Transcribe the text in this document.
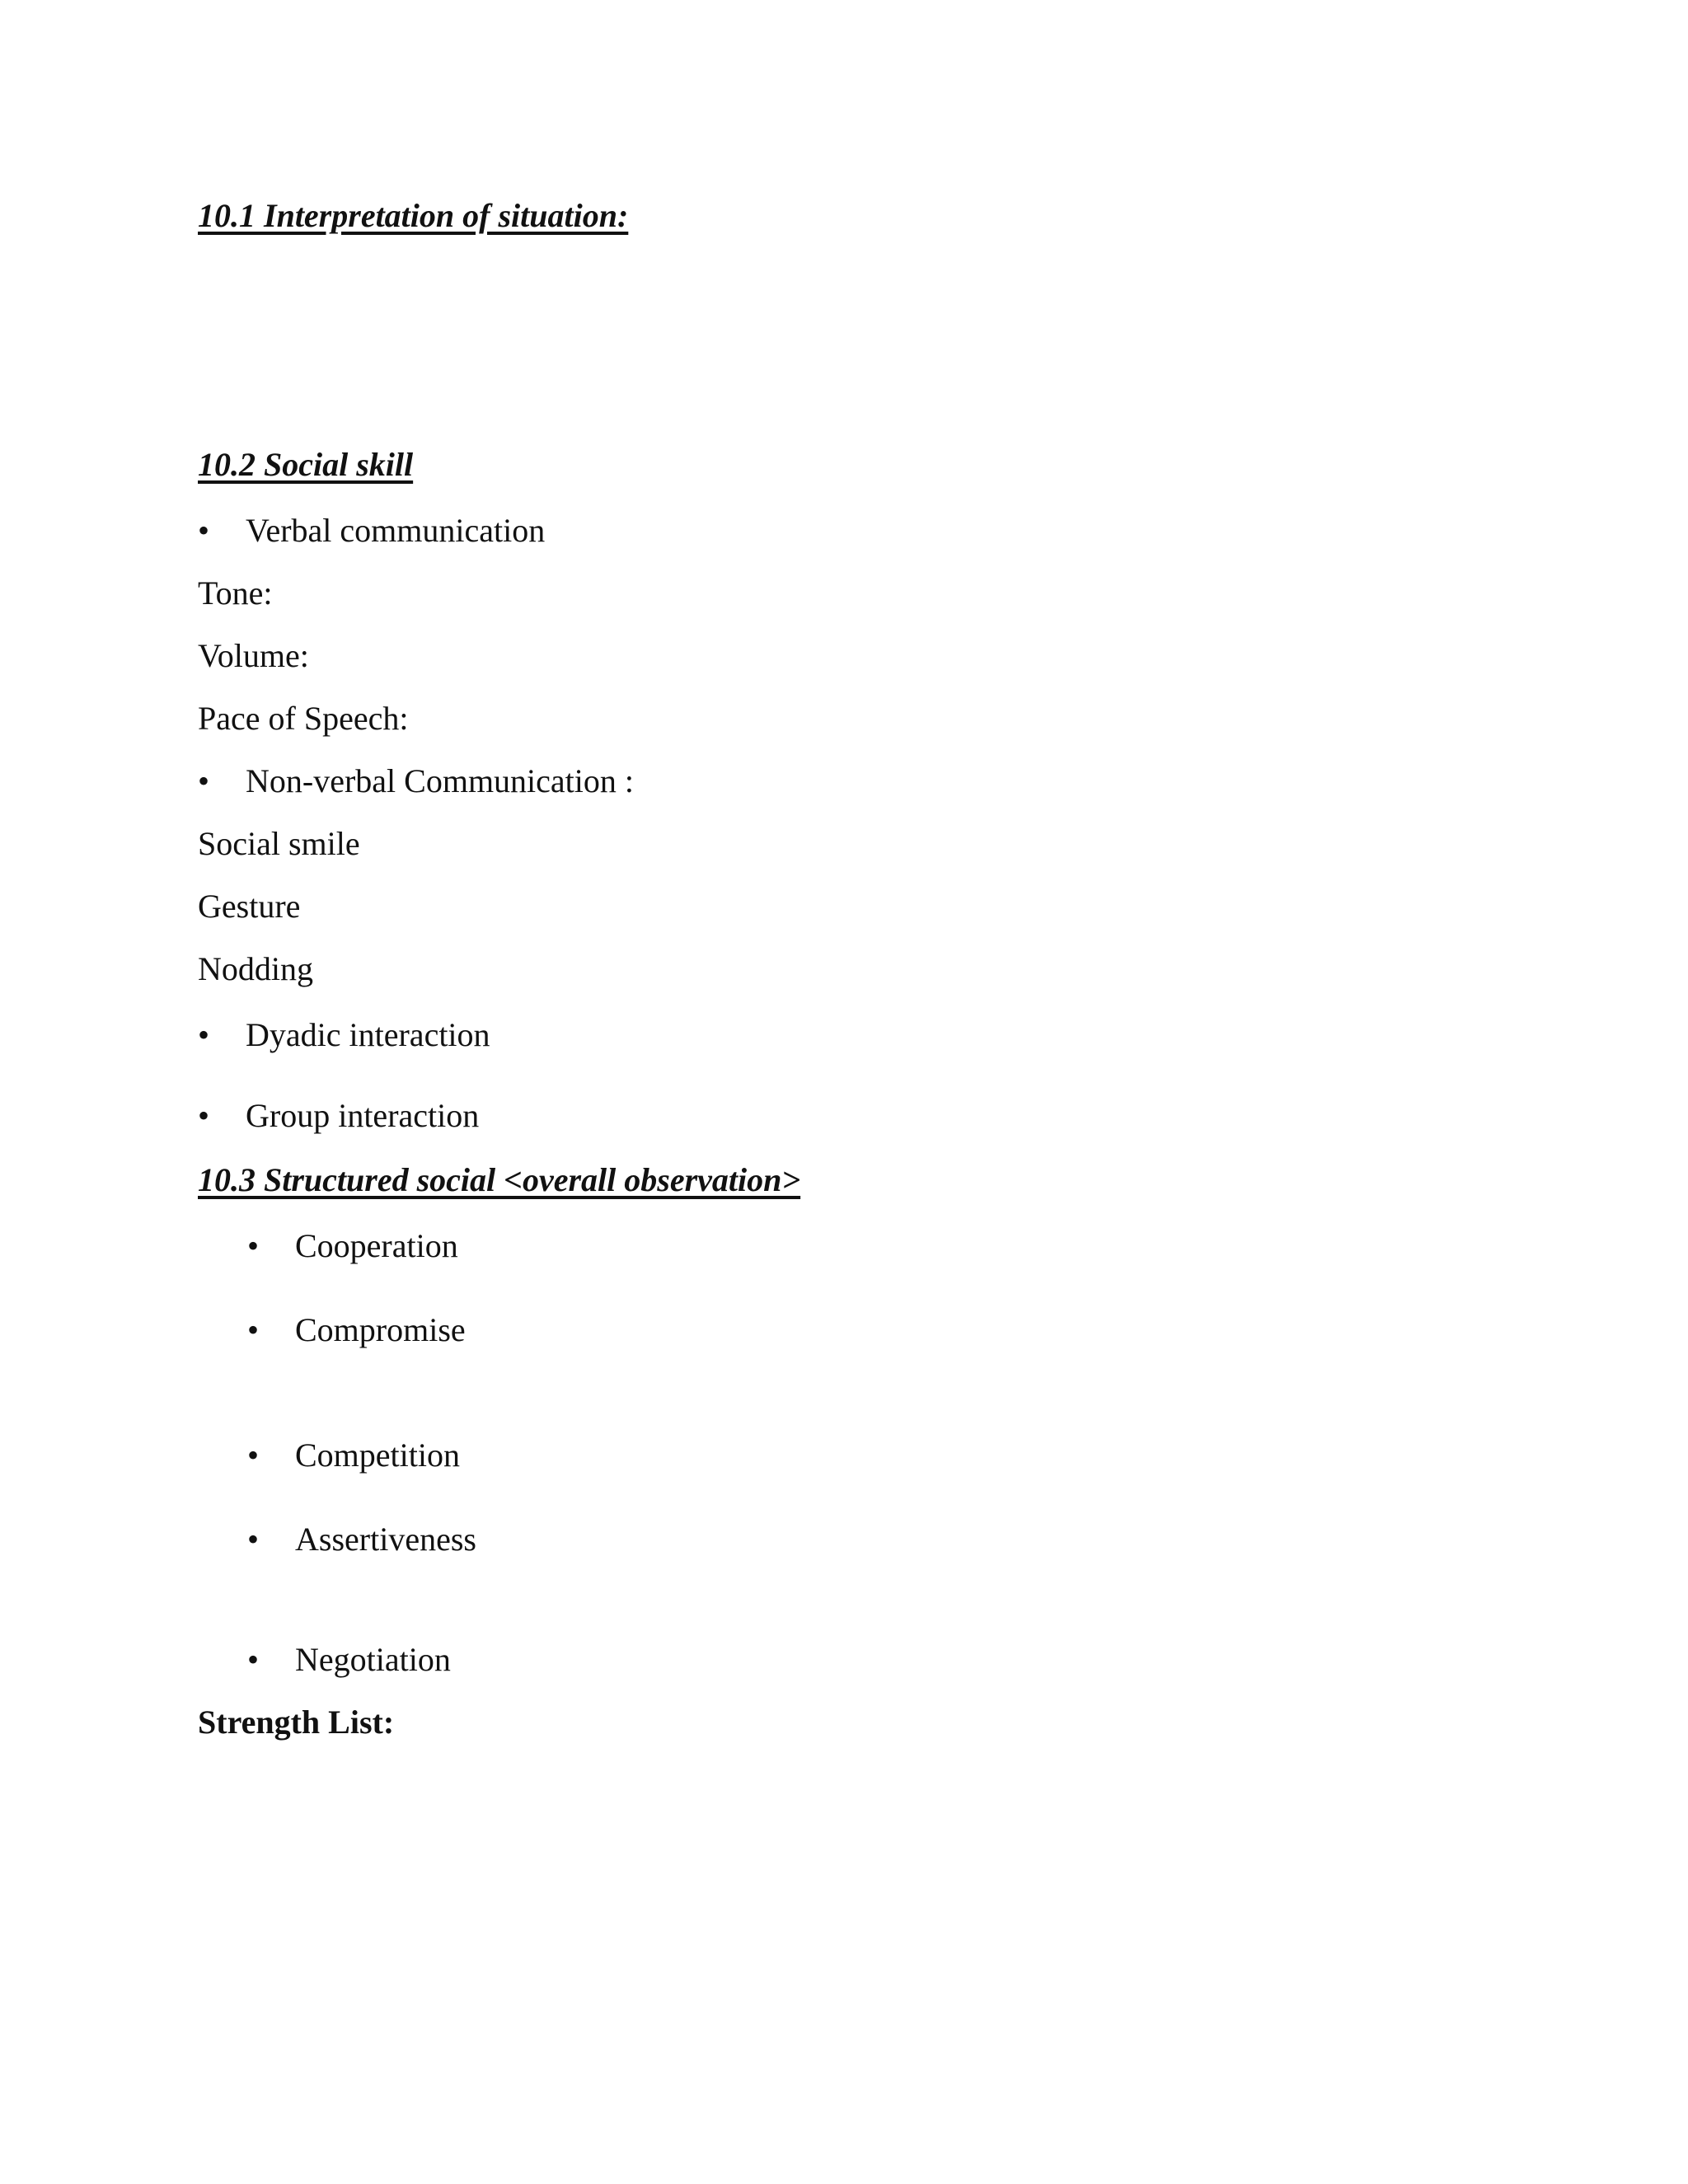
10.1 Interpretation of situation:
10.2 Social skill
• Verbal communication
Tone:
Volume:
Pace of Speech:
• Non-verbal Communication :
Social smile
Gesture
Nodding
• Dyadic interaction
• Group interaction
10.3 Structured social <overall observation>
• Cooperation
• Compromise
• Competition
• Assertiveness
• Negotiation
Strength List:
